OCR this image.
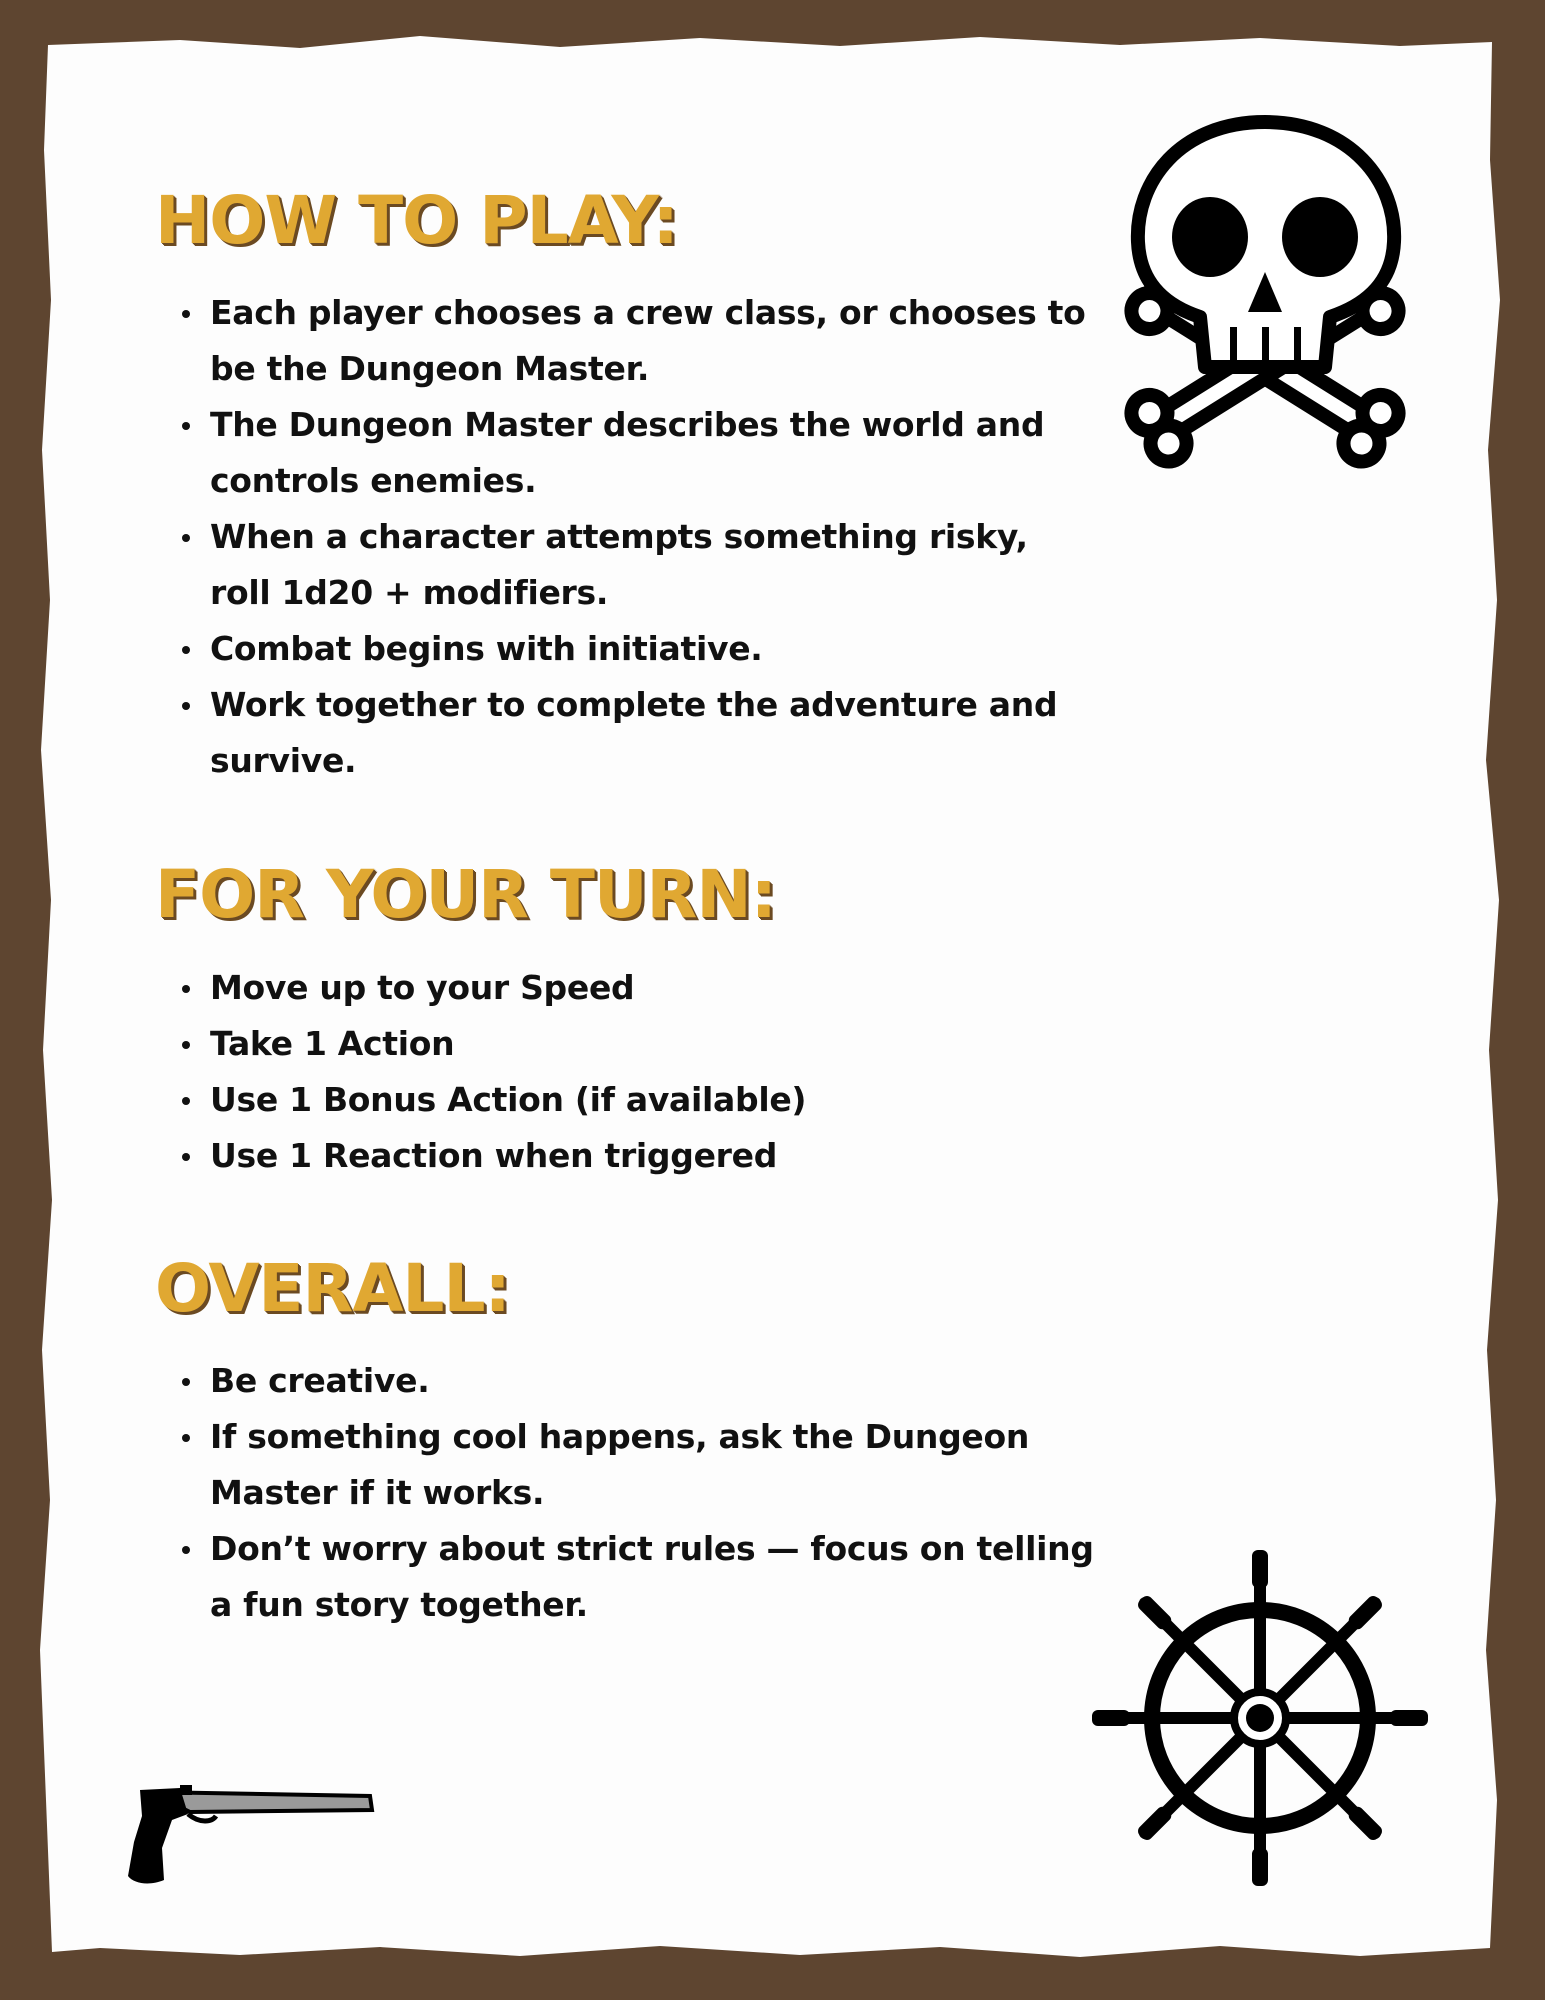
HOW TO PLAY:
Each player chooses a crew class, or chooses to be the Dungeon Master.
The Dungeon Master describes the world and controls enemies.
When a character attempts something risky, roll 1d20 + modifiers.
Combat begins with initiative.
Work together to complete the adventure and survive.
FOR YOUR TURN:
Move up to your Speed
Take 1 Action
Use 1 Bonus Action (if available)
Use 1 Reaction when triggered
OVERALL:
Be creative.
If something cool happens, ask the Dungeon Master if it works.
Don’t worry about strict rules — focus on telling a fun story together.
